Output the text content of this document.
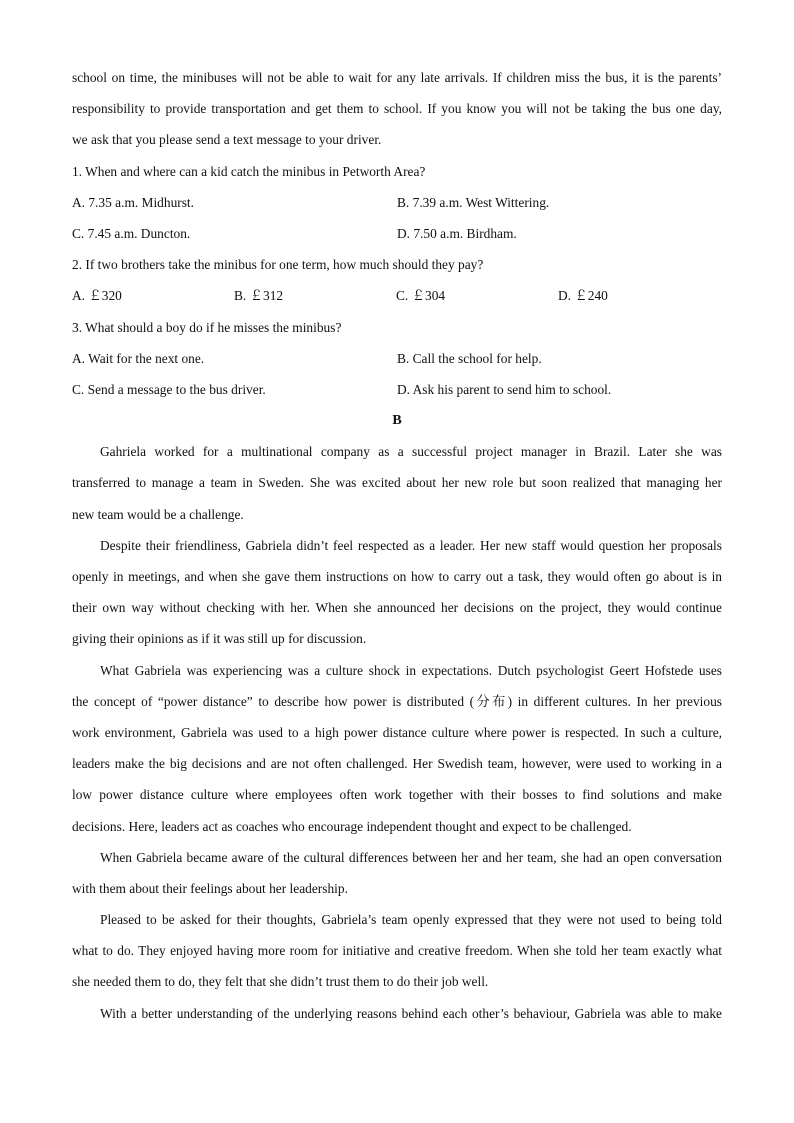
school on time, the minibuses will not be able to wait for any late arrivals. If children miss the bus, it is the parents’
responsibility to provide transportation and get them to school. If you know you will not be taking the bus one day,
we ask that you please send a text message to your driver.
1. When and where can a kid catch the minibus in Petworth Area?
A. 7.35 a.m. Midhurst.	B. 7.39 a.m. West Wittering.
C. 7.45 a.m. Duncton.	D. 7.50 a.m. Birdham.
2. If two brothers take the minibus for one term, how much should they pay?
A. ￡320	B. ￡312	C. ￡304	D. ￡240
3. What should a boy do if he misses the minibus?
A. Wait for the next one.	B. Call the school for help.
C. Send a message to the bus driver.	D. Ask his parent to send him to school.
B
Gahriela worked for a multinational company as a successful project manager in Brazil. Later she was
transferred to manage a team in Sweden. She was excited about her new role but soon realized that managing her
new team would be a challenge.
Despite their friendliness, Gabriela didn’t feel respected as a leader. Her new staff would question her proposals
openly in meetings, and when she gave them instructions on how to carry out a task, they would often go about is in
their own way without checking with her. When she announced her decisions on the project, they would continue
giving their opinions as if it was still up for discussion.
What Gabriela was experiencing was a culture shock in expectations. Dutch psychologist Geert Hofstede uses
the concept of “power distance” to describe how power is distributed (分布) in different cultures. In her previous
work environment, Gabriela was used to a high power distance culture where power is respected. In such a culture,
leaders make the big decisions and are not often challenged. Her Swedish team, however, were used to working in a
low power distance culture where employees often work together with their bosses to find solutions and make
decisions. Here, leaders act as coaches who encourage independent thought and expect to be challenged.
When Gabriela became aware of the cultural differences between her and her team, she had an open conversation
with them about their feelings about her leadership.
Pleased to be asked for their thoughts, Gabriela’s team openly expressed that they were not used to being told
what to do. They enjoyed having more room for initiative and creative freedom. When she told her team exactly what
she needed them to do, they felt that she didn’t trust them to do their job well.
With a better understanding of the underlying reasons behind each other’s behaviour, Gabriela was able to make
